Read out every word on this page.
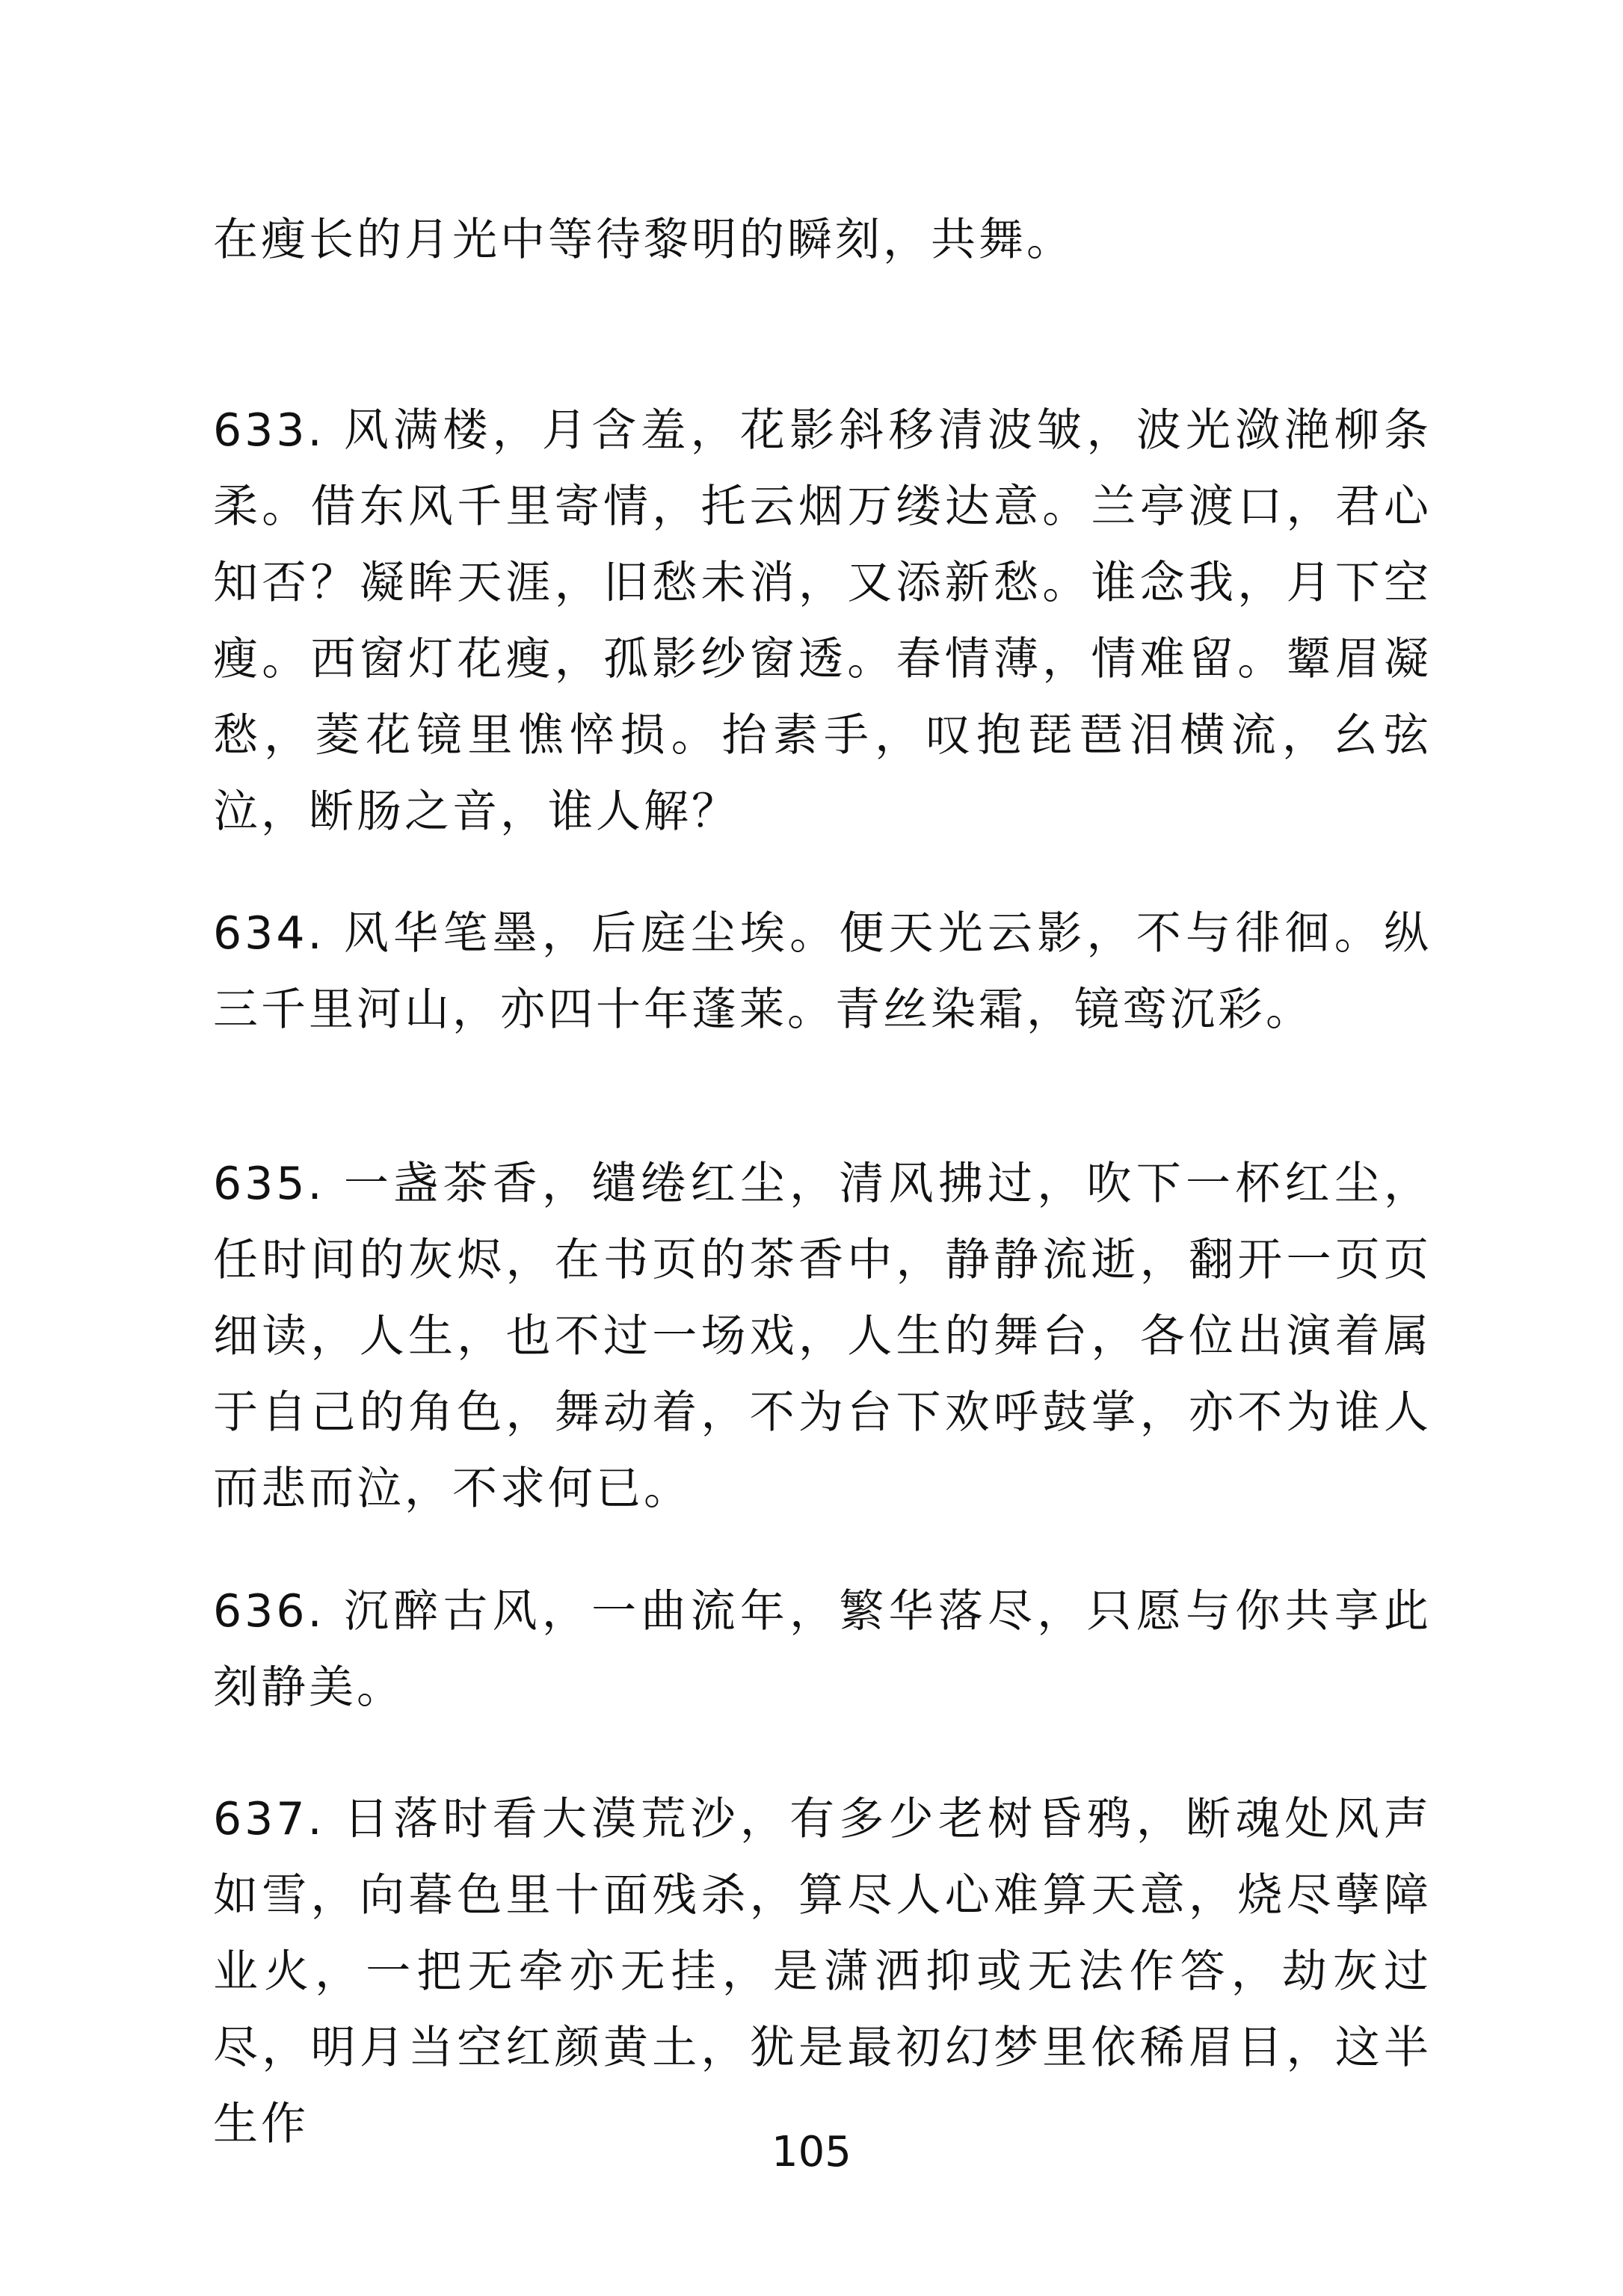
在瘦长的月光中等待黎明的瞬刻，共舞。
633. 风满楼，月含羞，花影斜移清波皱，波光潋滟柳条柔。借东风千里寄情，托云烟万缕达意。兰亭渡口，君心知否？凝眸天涯，旧愁未消，又添新愁。谁念我，月下空瘦。西窗灯花瘦，孤影纱窗透。春情薄，情难留。颦眉凝愁，菱花镜里憔悴损。抬素手，叹抱琵琶泪横流，幺弦泣，断肠之音，谁人解？
634. 风华笔墨，后庭尘埃。便天光云影，不与徘徊。纵三千里河山，亦四十年蓬莱。青丝染霜，镜鸾沉彩。
635. 一盏茶香，缱绻红尘，清风拂过，吹下一杯红尘，任时间的灰烬，在书页的茶香中，静静流逝，翻开一页页细读，人生，也不过一场戏，人生的舞台，各位出演着属于自己的角色，舞动着，不为台下欢呼鼓掌，亦不为谁人而悲而泣，不求何已。
636. 沉醉古风，一曲流年，繁华落尽，只愿与你共享此刻静美。
637. 日落时看大漠荒沙，有多少老树昏鸦，断魂处风声如雪，向暮色里十面残杀，算尽人心难算天意，烧尽孽障业火，一把无牵亦无挂，是潇洒抑或无法作答，劫灰过尽，明月当空红颜黄土，犹是最初幻梦里依稀眉目，这半生作
105
